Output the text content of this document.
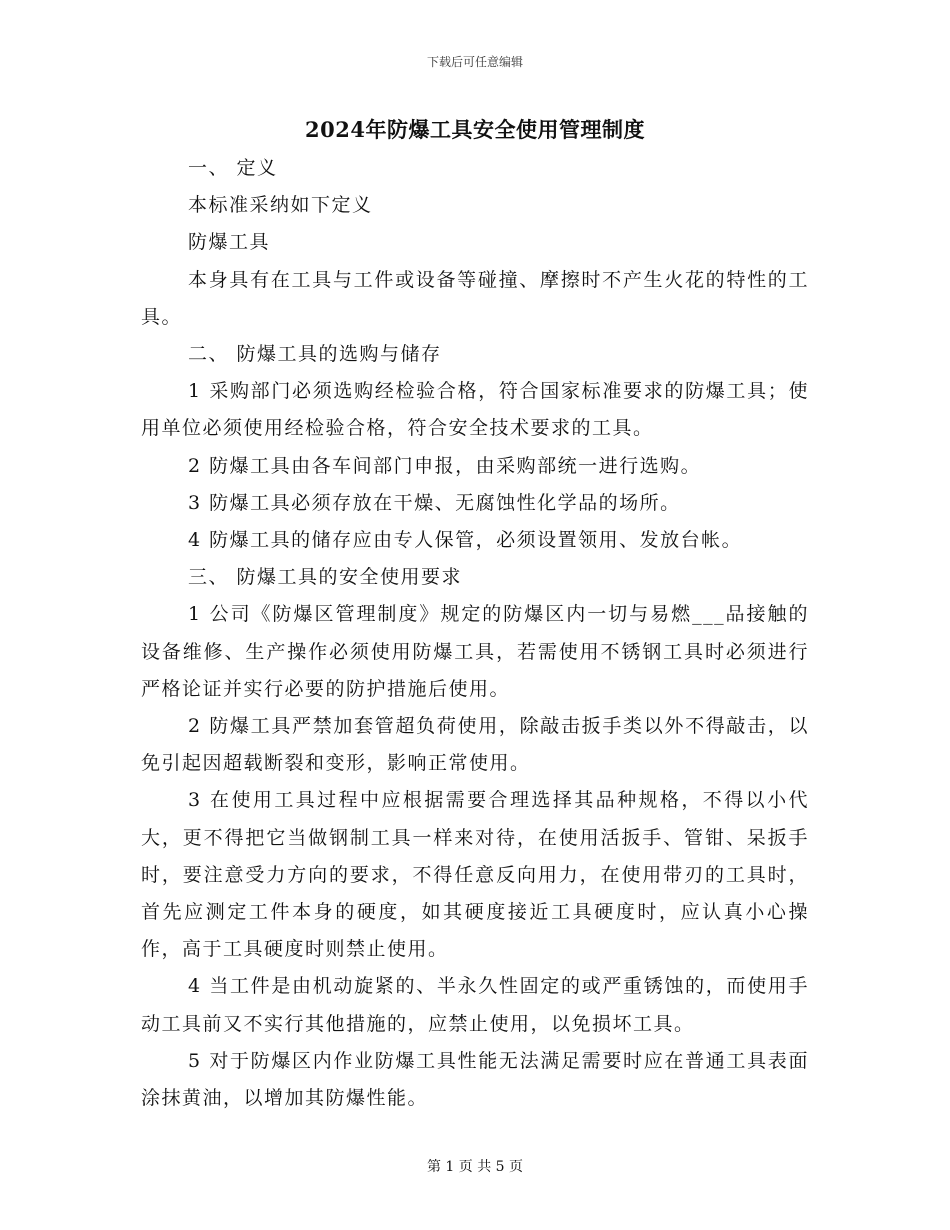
下载后可任意编辑
2024年防爆工具安全使用管理制度

一、 定义

本标准采纳如下定义

防爆工具

本身具有在工具与工件或设备等碰撞、摩擦时不产生火花的特性的工具。

二、 防爆工具的选购与储存

1 采购部门必须选购经检验合格，符合国家标准要求的防爆工具；使用单位必须使用经检验合格，符合安全技术要求的工具。

2 防爆工具由各车间部门申报，由采购部统一进行选购。

3 防爆工具必须存放在干燥、无腐蚀性化学品的场所。

4 防爆工具的储存应由专人保管，必须设置领用、发放台帐。

三、 防爆工具的安全使用要求

1 公司《防爆区管理制度》规定的防爆区内一切与易燃___品接触的设备维修、生产操作必须使用防爆工具，若需使用不锈钢工具时必须进行严格论证并实行必要的防护措施后使用。

2 防爆工具严禁加套管超负荷使用，除敲击扳手类以外不得敲击，以免引起因超载断裂和变形，影响正常使用。

3 在使用工具过程中应根据需要合理选择其品种规格，不得以小代大，更不得把它当做钢制工具一样来对待，在使用活扳手、管钳、呆扳手时，要注意受力方向的要求，不得任意反向用力，在使用带刃的工具时，首先应测定工件本身的硬度，如其硬度接近工具硬度时，应认真小心操作，高于工具硬度时则禁止使用。

4 当工件是由机动旋紧的、半永久性固定的或严重锈蚀的，而使用手动工具前又不实行其他措施的，应禁止使用，以免损坏工具。

5 对于防爆区内作业防爆工具性能无法满足需要时应在普通工具表面涂抹黄油，以增加其防爆性能。

第 1 页 共 5 页
